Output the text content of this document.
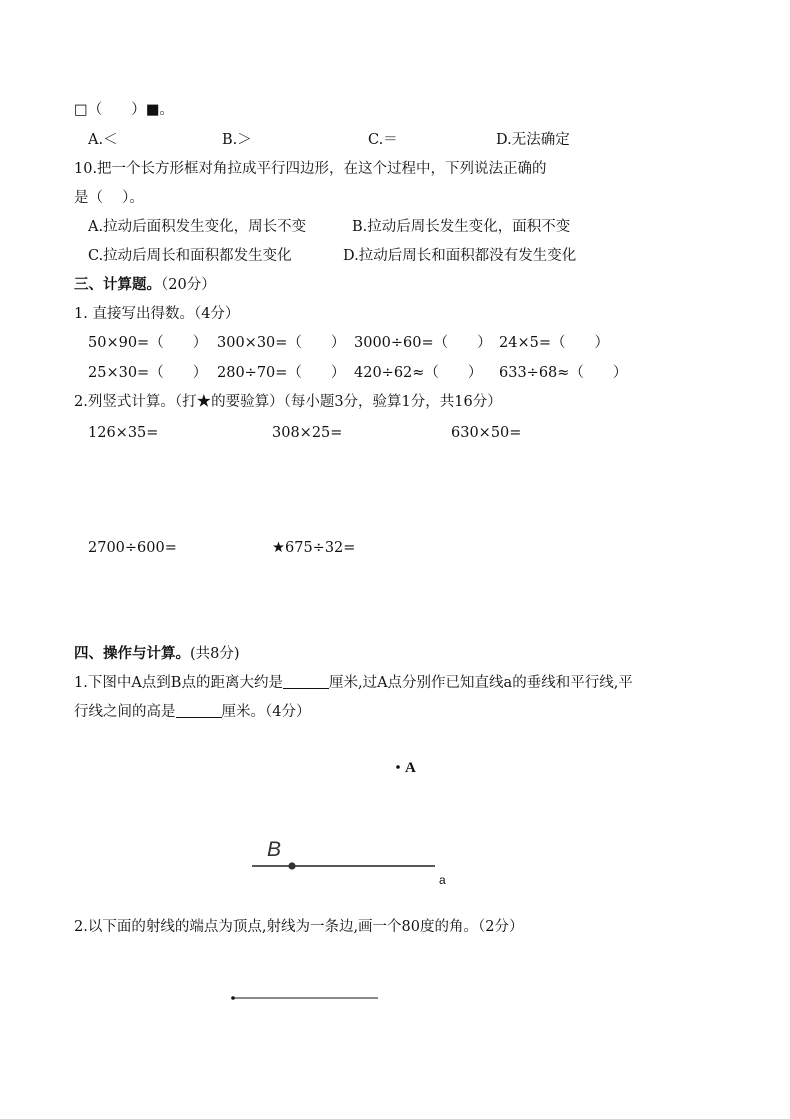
□（　　）■。
A.＜	B.＞	C.＝	D.无法确定
10.把一个长方形框对角拉成平行四边形，在这个过程中，下列说法正确的
是（　 ）。
A.拉动后面积发生变化，周长不变	B.拉动后周长发生变化，面积不变
C.拉动后周长和面积都发生变化	D.拉动后周长和面积都没有发生变化
三、计算题。（20分）
1. 直接写出得数。（4分）
50×90=（　　） 300×30=（　　） 3000÷60=（　　） 24×5=（　　）
25×30=（　　） 280÷70=（　　） 420÷62≈（　　） 633÷68≈（　　）
2.列竖式计算。（打★的要验算）（每小题3分，验算1分，共16分）
126×35=	308×25=	630×50=
2700÷600=	★675÷32=
四、操作与计算。(共8分)
1.下图中A点到B点的距离大约是	厘米,过A点分别作已知直线a的垂线和平行线,平
行线之间的高是	厘米。（4分）
A
B
a
2.以下面的射线的端点为顶点,射线为一条边,画一个80度的角。（2分）
